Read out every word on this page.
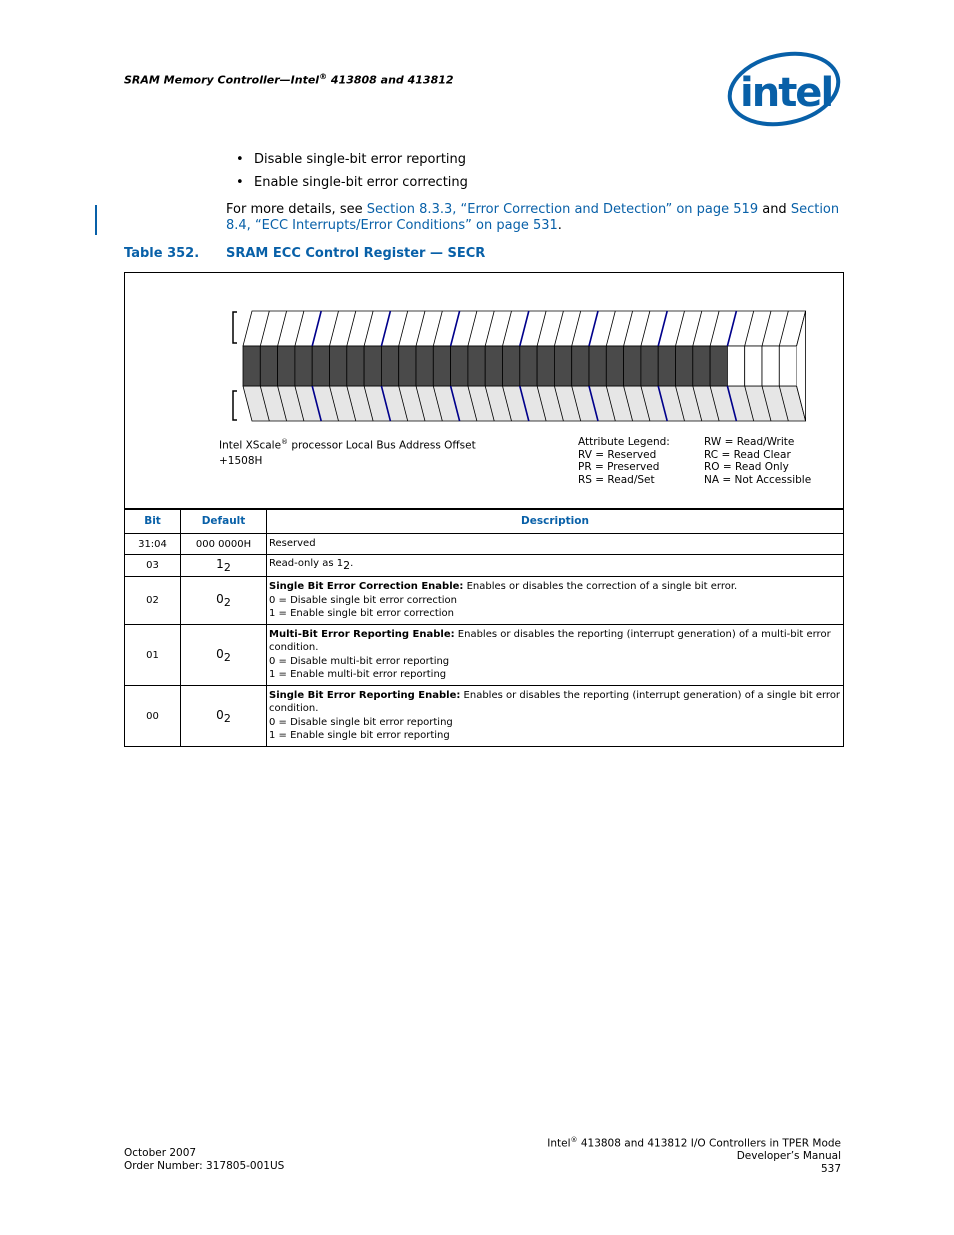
SRAM Memory Controller—Intel® 413808 and 413812	intel
• Disable single-bit error reporting
• Enable single-bit error correcting
For more details, see Section 8.3.3, “Error Correction and Detection” on page 519 and Section 8.4, “ECC Interrupts/Error Conditions” on page 531.
Table 352. SRAM ECC Control Register — SECR
Intel XScale® processor Local Bus Address Offset
+1508H
Attribute Legend:	RW = Read/Write
RV = Reserved	RC = Read Clear
PR = Preserved	RO = Read Only
RS = Read/Set	NA = Not Accessible
Bit	Default	Description
31:04	000 0000H	Reserved
03	12	Read-only as 12.
02	02	Single Bit Error Correction Enable: Enables or disables the correction of a single bit error.
0 = Disable single bit error correction
1 = Enable single bit error correction

01	02	Multi-Bit Error Reporting Enable: Enables or disables the reporting (interrupt generation) of a multi-bit error condition.
0 = Disable multi-bit error reporting
1 = Enable multi-bit error reporting

00	02	Single Bit Error Reporting Enable: Enables or disables the reporting (interrupt generation) of a single bit error condition.
0 = Disable single bit error reporting
1 = Enable single bit error reporting
October 2007
Order Number: 317805-001US
Intel® 413808 and 413812 I/O Controllers in TPER Mode
Developer’s Manual
537
